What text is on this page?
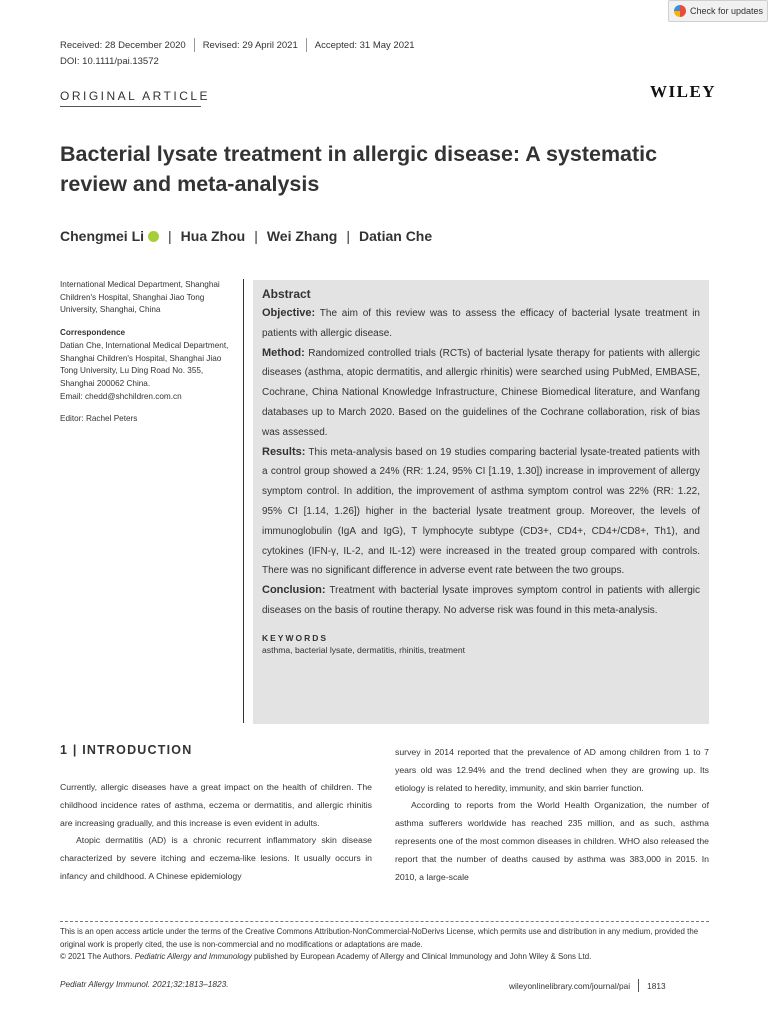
Check for updates
Received: 28 December 2020 Revised: 29 April 2021 Accepted: 31 May 2021
DOI: 10.1111/pai.13572
ORIGINAL ARTICLE	WILEY
Bacterial lysate treatment in allergic disease: A systematic review and meta-analysis
Chengmei Li | Hua Zhou | Wei Zhang | Datian Che
International Medical Department, Shanghai Children's Hospital, Shanghai Jiao Tong University, Shanghai, China
Correspondence
Datian Che, International Medical Department, Shanghai Children's Hospital, Shanghai Jiao Tong University, Lu Ding Road No. 355, Shanghai 200062 China.
Email: chedd@shchildren.com.cn
Editor: Rachel Peters
Abstract

Objective: The aim of this review was to assess the efficacy of bacterial lysate treatment in patients with allergic disease.

Method: Randomized controlled trials (RCTs) of bacterial lysate therapy for patients with allergic diseases (asthma, atopic dermatitis, and allergic rhinitis) were searched using PubMed, EMBASE, Cochrane, China National Knowledge Infrastructure, Chinese Biomedical literature, and Wanfang databases up to March 2020. Based on the guidelines of the Cochrane collaboration, risk of bias was assessed.

Results: This meta-analysis based on 19 studies comparing bacterial lysate-treated patients with a control group showed a 24% (RR: 1.24, 95% CI [1.19, 1.30]) increase in improvement of allergy symptom control. In addition, the improvement of asthma symptom control was 22% (RR: 1.22, 95% CI [1.14, 1.26]) higher in the bacterial lysate treatment group. Moreover, the levels of immunoglobulin (IgA and IgG), T lymphocyte subtype (CD3+, CD4+, CD4+/CD8+, Th1), and cytokines (IFN-γ, IL-2, and IL-12) were increased in the treated group compared with controls. There was no significant difference in adverse event rate between the two groups.

Conclusion: Treatment with bacterial lysate improves symptom control in patients with allergic diseases on the basis of routine therapy. No adverse risk was found in this meta-analysis.

KEYWORDS
asthma, bacterial lysate, dermatitis, rhinitis, treatment
1 | INTRODUCTION

Currently, allergic diseases have a great impact on the health of children. The childhood incidence rates of asthma, eczema or dermatitis, and allergic rhinitis are increasing gradually, and this increase is even evident in adults.

Atopic dermatitis (AD) is a chronic recurrent inflammatory skin disease characterized by severe itching and eczema-like lesions. It usually occurs in infancy and childhood. A Chinese epidemiology

survey in 2014 reported that the prevalence of AD among children from 1 to 7 years old was 12.94% and the trend declined when they are growing up. Its etiology is related to heredity, immunity, and skin barrier function.

According to reports from the World Health Organization, the number of asthma sufferers worldwide has reached 235 million, and as such, asthma represents one of the most common diseases in children. WHO also released the report that the number of deaths caused by asthma was 383,000 in 2015. In 2010, a large-scale

This is an open access article under the terms of the Creative Commons Attribution-NonCommercial-NoDerivs License, which permits use and distribution in any medium, provided the original work is properly cited, the use is non-commercial and no modifications or adaptations are made.
© 2021 The Authors. Pediatric Allergy and Immunology published by European Academy of Allergy and Clinical Immunology and John Wiley & Sons Ltd.
Pediatr Allergy Immunol. 2021;32:1813–1823.	wileyonlinelibrary.com/journal/pai 1813
